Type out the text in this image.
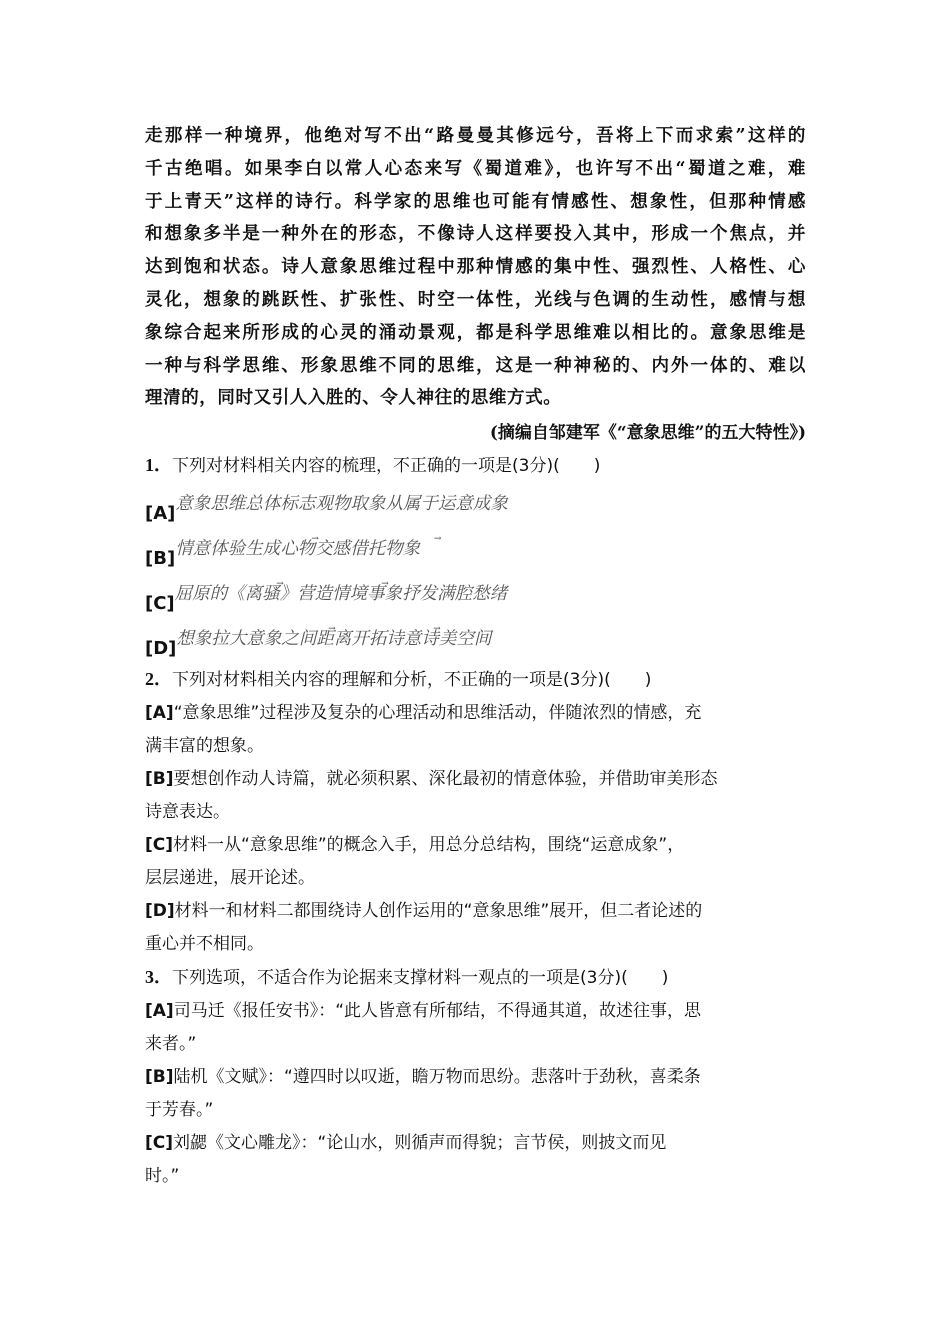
走那样一种境界，他绝对写不出“路曼曼其修远兮，吾将上下而求索”这样的
千古绝唱。如果李白以常人心态来写《蜀道难》，也许写不出“蜀道之难，难
于上青天”这样的诗行。科学家的思维也可能有情感性、想象性，但那种情感
和想象多半是一种外在的形态，不像诗人这样要投入其中，形成一个焦点，并
达到饱和状态。诗人意象思维过程中那种情感的集中性、强烈性、人格性、心
灵化，想象的跳跃性、扩张性、时空一体性，光线与色调的生动性，感情与想
象综合起来所形成的心灵的涌动景观，都是科学思维难以相比的。意象思维是
一种与科学思维、形象思维不同的思维，这是一种神秘的、内外一体的、难以
理清的，同时又引人入胜的、令人神往的思维方式。

(摘编自邹建军《“意象思维”的五大特性》)

1．下列对材料相关内容的梳理，不正确的一项是(3分)(　　)

[A]意象思维总体标志观物取象从属于运意成象
[B]情意体验生成心物交感借托物象
[C]屈原的《离骚》营造情境事象抒发满腔愁绪
[D]想象拉大意象之间距离开拓诗意诗美空间

2．下列对材料相关内容的理解和分析，不正确的一项是(3分)(　　)

[A]“意象思维”过程涉及复杂的心理活动和思维活动，伴随浓烈的情感，充
满丰富的想象。
[B]要想创作动人诗篇，就必须积累、深化最初的情意体验，并借助审美形态
诗意表达。
[C]材料一从“意象思维”的概念入手，用总分总结构，围绕“运意成象”，
层层递进，展开论述。
[D]材料一和材料二都围绕诗人创作运用的“意象思维”展开，但二者论述的
重心并不相同。

3．下列选项，不适合作为论据来支撑材料一观点的一项是(3分)(　　)

[A]司马迁《报任安书》：“此人皆意有所郁结，不得通其道，故述往事，思
来者。”
[B]陆机《文赋》：“遵四时以叹逝，瞻万物而思纷。悲落叶于劲秋，喜柔条
于芳春。”
[C]刘勰《文心雕龙》：“论山水，则循声而得貌；言节侯，则披文而见
时。”
